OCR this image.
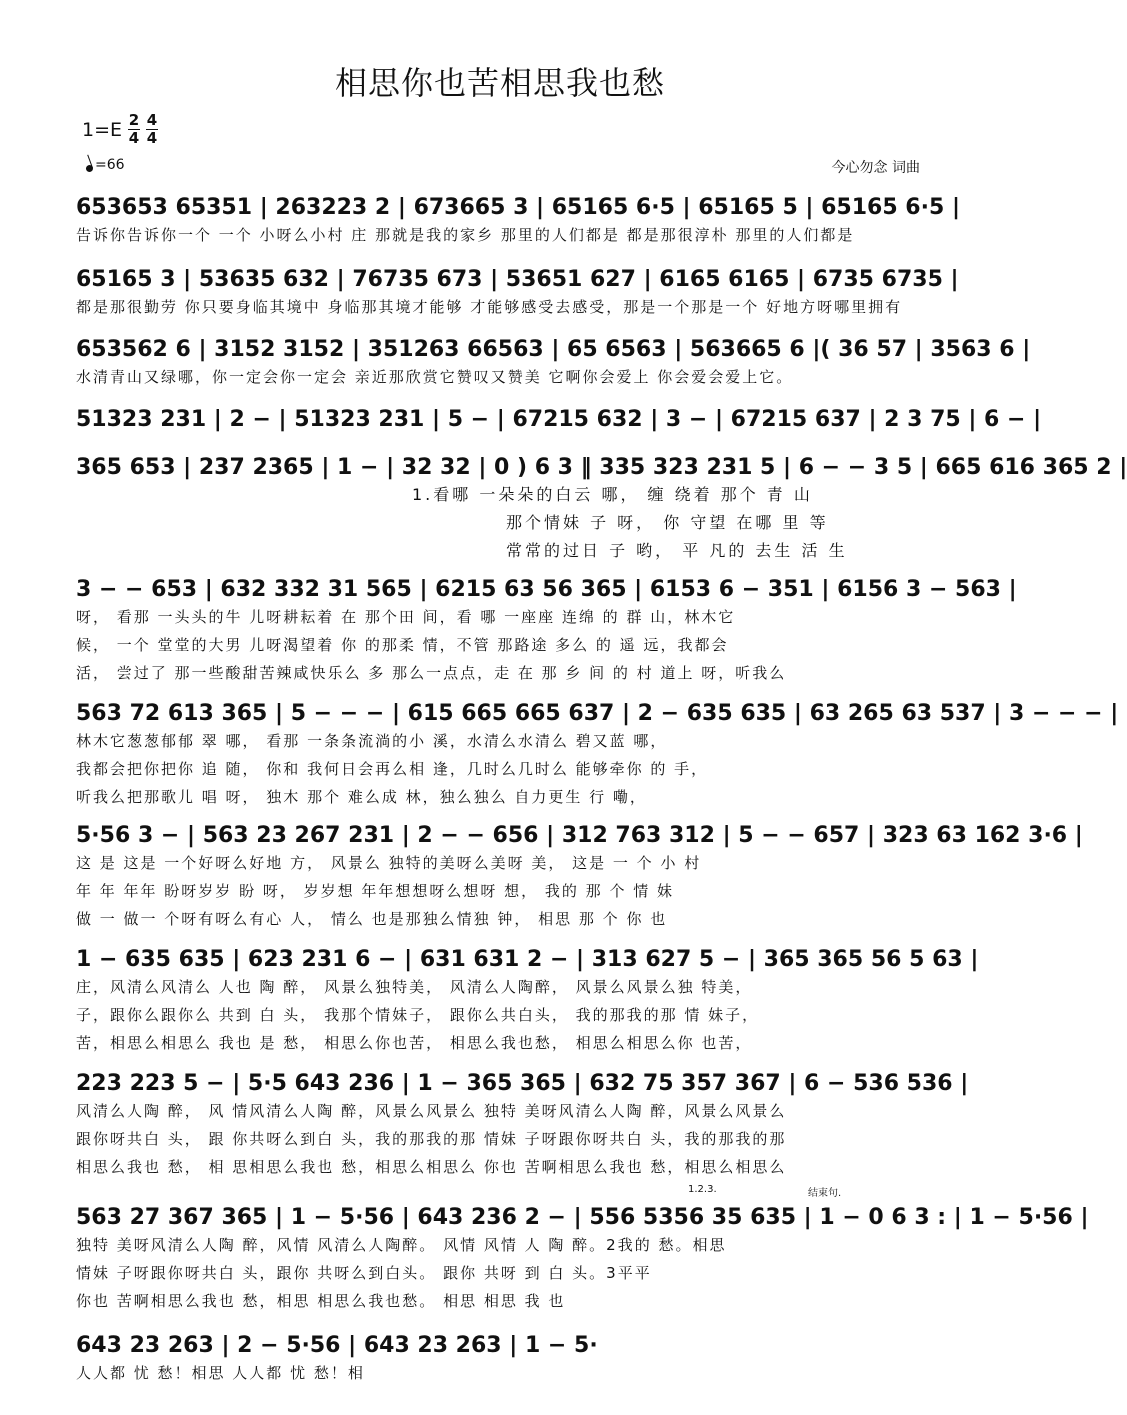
相思你也苦相思我也愁
$1=E \frac{2}{4} \frac{4}{4}$
=66	今心勿念 词曲
653653 65351 | 263223 2 | 673665 3 | 65165 6·5 | 65165 5 | 65165 6·5 |
告诉你告诉你一个 一个 小呀么小村 庄 那就是我的家乡 那里的人们都是 都是那很淳朴 那里的人们都是
65165 3 | 53635 632 | 76735 673 | 53651 627 | 6165 6165 | 6735 6735 |
都是那很勤劳 你只要身临其境中 身临那其境才能够 才能够感受去感受，那是一个那是一个 好地方呀哪里拥有
653562 6 | 3152 3152 | 351263 66563 | 65 6563 | 563665 6 |( 36 57 | 3563 6 |
水清青山又绿哪，你一定会你一定会 亲近那欣赏它赞叹又赞美 它啊你会爱上 你会爱会爱上它。
51323 231 | 2 − | 51323 231 | 5 − | 67215 632 | 3 − | 67215 637 | 2 3 75 | 6 − |
365 653 | 237 2365 | 1 − | 32 32 | 0 ) 6 3 ‖ 335 323 231 5 | 6 − − 3 5 | 665 616 365 2 |
1.看哪 一朵朵的白云 哪， 缠 绕着 那个 青 山
那个情妹 子 呀， 你 守望 在哪 里 等
常常的过日 子 哟， 平 凡的 去生 活 生
3 − − 653 | 632 332 31 565 | 6215 63 56 365 | 6153 6 − 351 | 6156 3 − 563 |
呀， 看那 一头头的牛 儿呀耕耘着 在 那个田 间，看 哪 一座座 连绵 的 群 山，林木它
候， 一个 堂堂的大男 儿呀渴望着 你 的那柔 情，不管 那路途 多么 的 遥 远，我都会
活， 尝过了 那一些酸甜苦辣咸快乐么 多 那么一点点，走 在 那 乡 间 的 村 道上 呀，听我么
563 72 613 365 | 5 − − − | 615 665 665 637 | 2 − 635 635 | 63 265 63 537 | 3 − − − |
林木它葱葱郁郁 翠 哪， 看那 一条条流淌的小 溪，水清么水清么 碧又蓝 哪，
我都会把你把你 追 随， 你和 我何日会再么相 逢，几时么几时么 能够牵你 的 手，
听我么把那歌儿 唱 呀， 独木 那个 难么成 林，独么独么 自力更生 行 嘞，
5·56 3 − | 563 23 267 231 | 2 − − 656 | 312 763 312 | 5 − − 657 | 323 63 162 3·6 |
这 是 这是 一个好呀么好地 方， 风景么 独特的美呀么美呀 美， 这是 一 个 小 村
年 年 年年 盼呀岁岁 盼 呀， 岁岁想 年年想想呀么想呀 想， 我的 那 个 情 妹
做 一 做一 个呀有呀么有心 人， 情么 也是那独么情独 钟， 相思 那 个 你 也
1 − 635 635 | 623 231 6 − | 631 631 2 − | 313 627 5 − | 365 365 56 5 63 |
庄，风清么风清么 人也 陶 醉， 风景么独特美， 风清么人陶醉， 风景么风景么独 特美，
子，跟你么跟你么 共到 白 头， 我那个情妹子， 跟你么共白头， 我的那我的那 情 妹子，
苦，相思么相思么 我也 是 愁， 相思么你也苦， 相思么我也愁， 相思么相思么你 也苦，
223 223 5 − | 5·5 643 236 | 1 − 365 365 | 632 75 357 367 | 6 − 536 536 |
风清么人陶 醉， 风 情风清么人陶 醉，风景么风景么 独特 美呀风清么人陶 醉，风景么风景么
跟你呀共白 头， 跟 你共呀么到白 头，我的那我的那 情妹 子呀跟你呀共白 头，我的那我的那
相思么我也 愁， 相 思相思么我也 愁，相思么相思么 你也 苦啊相思么我也 愁，相思么相思么
1.2.3.	结束句.
563 27 367 365 | 1 − 5·56 | 643 236 2 − | 556 5356 35 635 | 1 − 0 6 3 : | 1 − 5·56 |
独特 美呀风清么人陶 醉，风情 风清么人陶醉。 风情 风情 人 陶 醉。2我的 愁。相思
情妹 子呀跟你呀共白 头，跟你 共呀么到白头。 跟你 共呀 到 白 头。3平平
你也 苦啊相思么我也 愁，相思 相思么我也愁。 相思 相思 我 也
643 23 263 | 2 − 5·56 | 643 23 263 | 1 − 5·
人人都 忧 愁！相思 人人都 忧 愁！相
